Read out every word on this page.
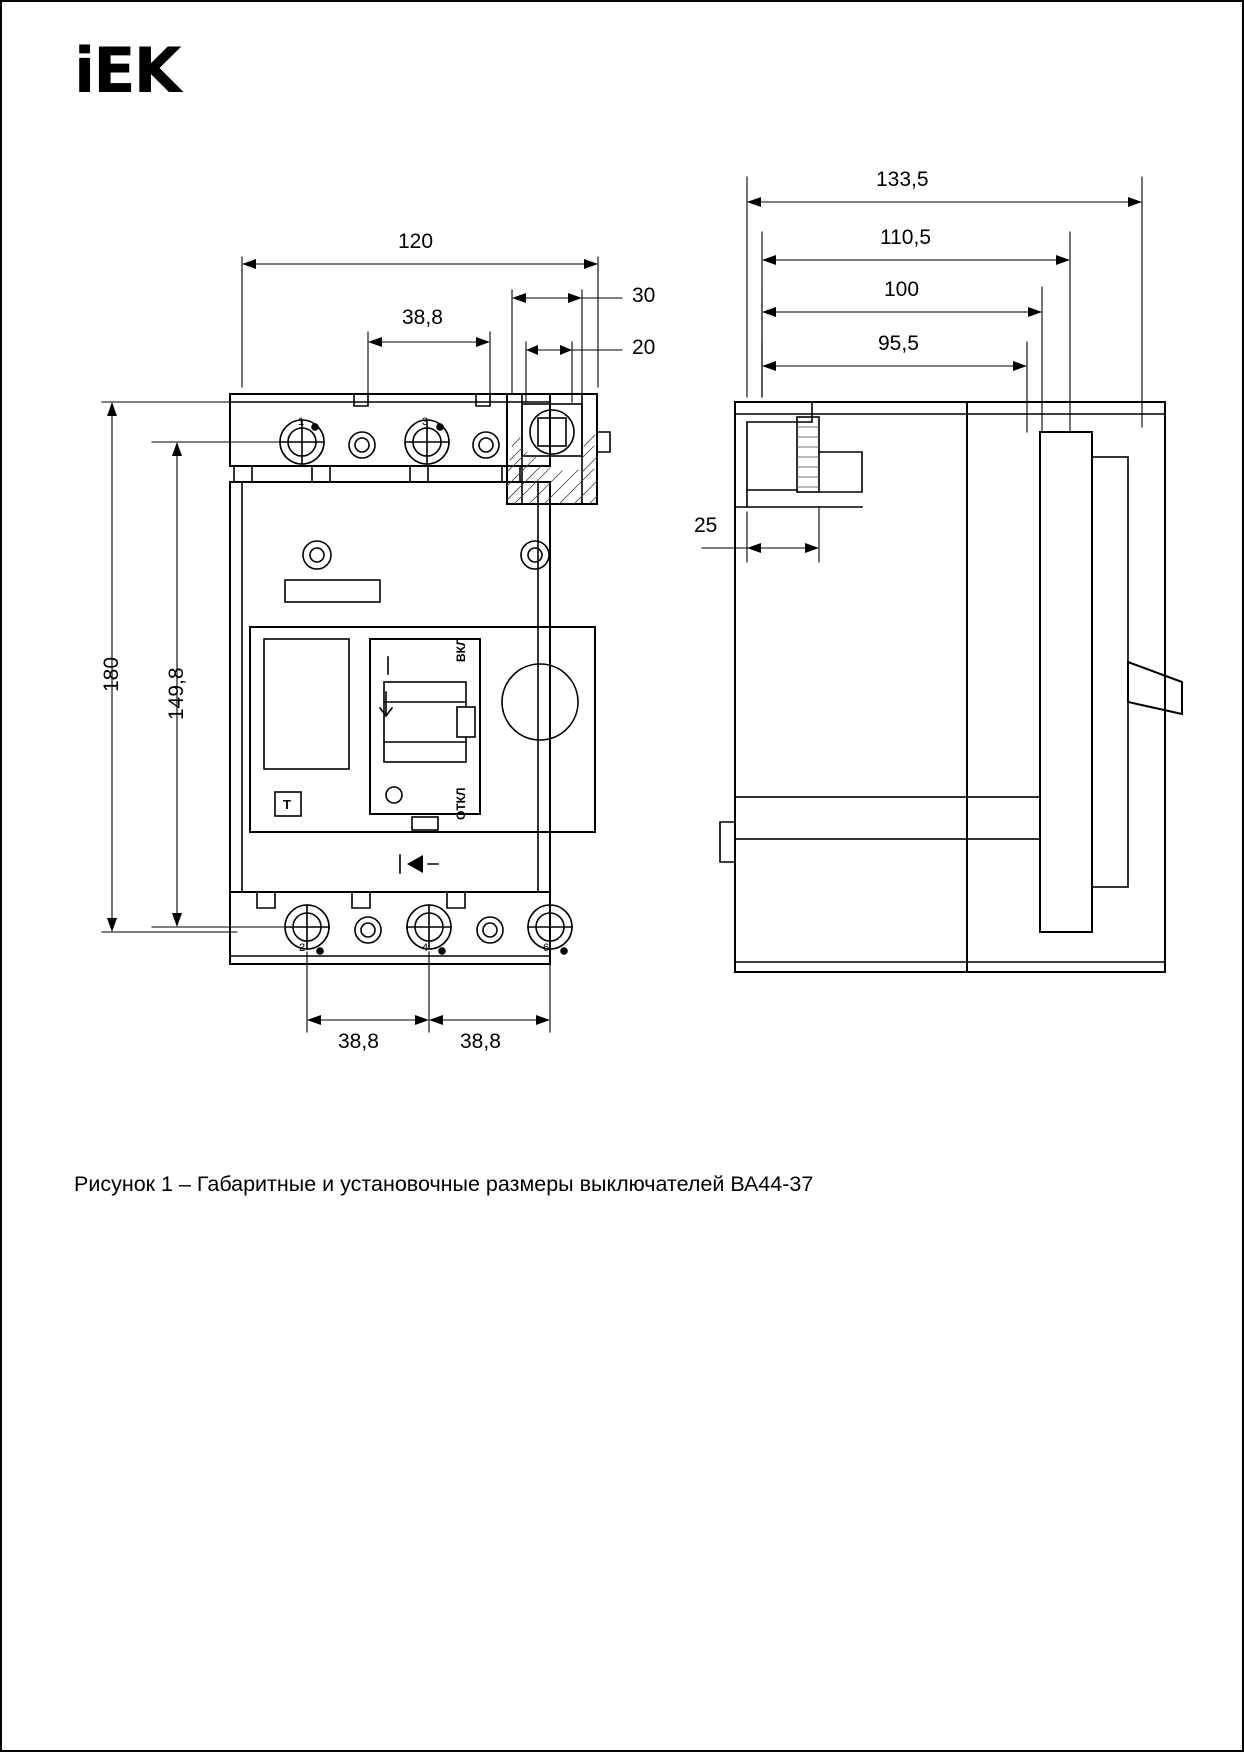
iEK
120
38,8
30
20
180 149,8
38,8	38,8
133,5
110,5
100
95,5
25
ВКЛ
ОТКЛ
T
1	3
2	4	6
Рисунок 1 – Габаритные и установочные размеры выключателей ВА44-37
